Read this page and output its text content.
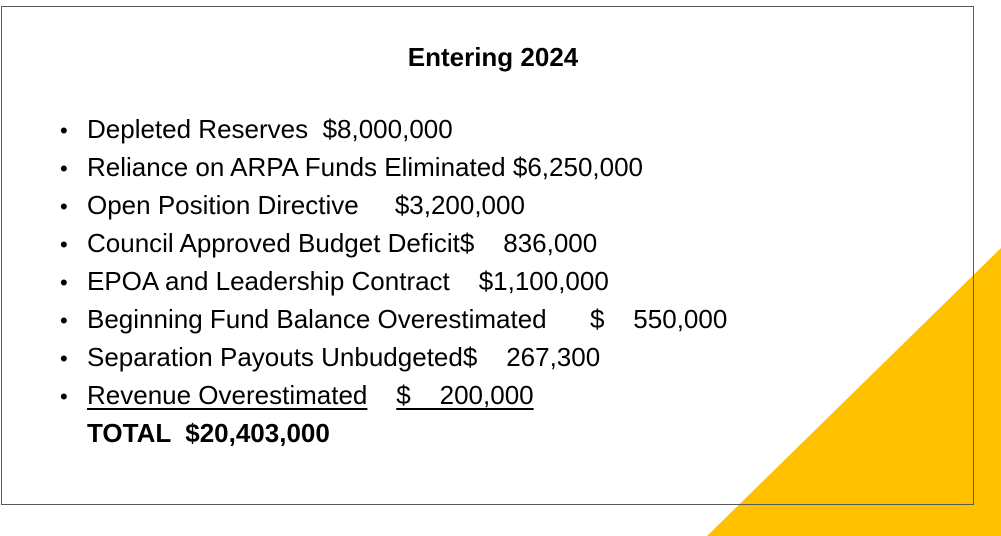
Entering 2024
• Depleted Reserves $8,000,000
• Reliance on ARPA Funds Eliminated $6,250,000
• Open Position Directive $3,200,000
• Council Approved Budget Deficit$    836,000
• EPOA and Leadership Contract $1,100,000
• Beginning Fund Balance Overestimated $    550,000
• Separation Payouts Unbudgeted$    267,300
• Revenue Overestimated $    200,000
TOTAL $20,403,000
